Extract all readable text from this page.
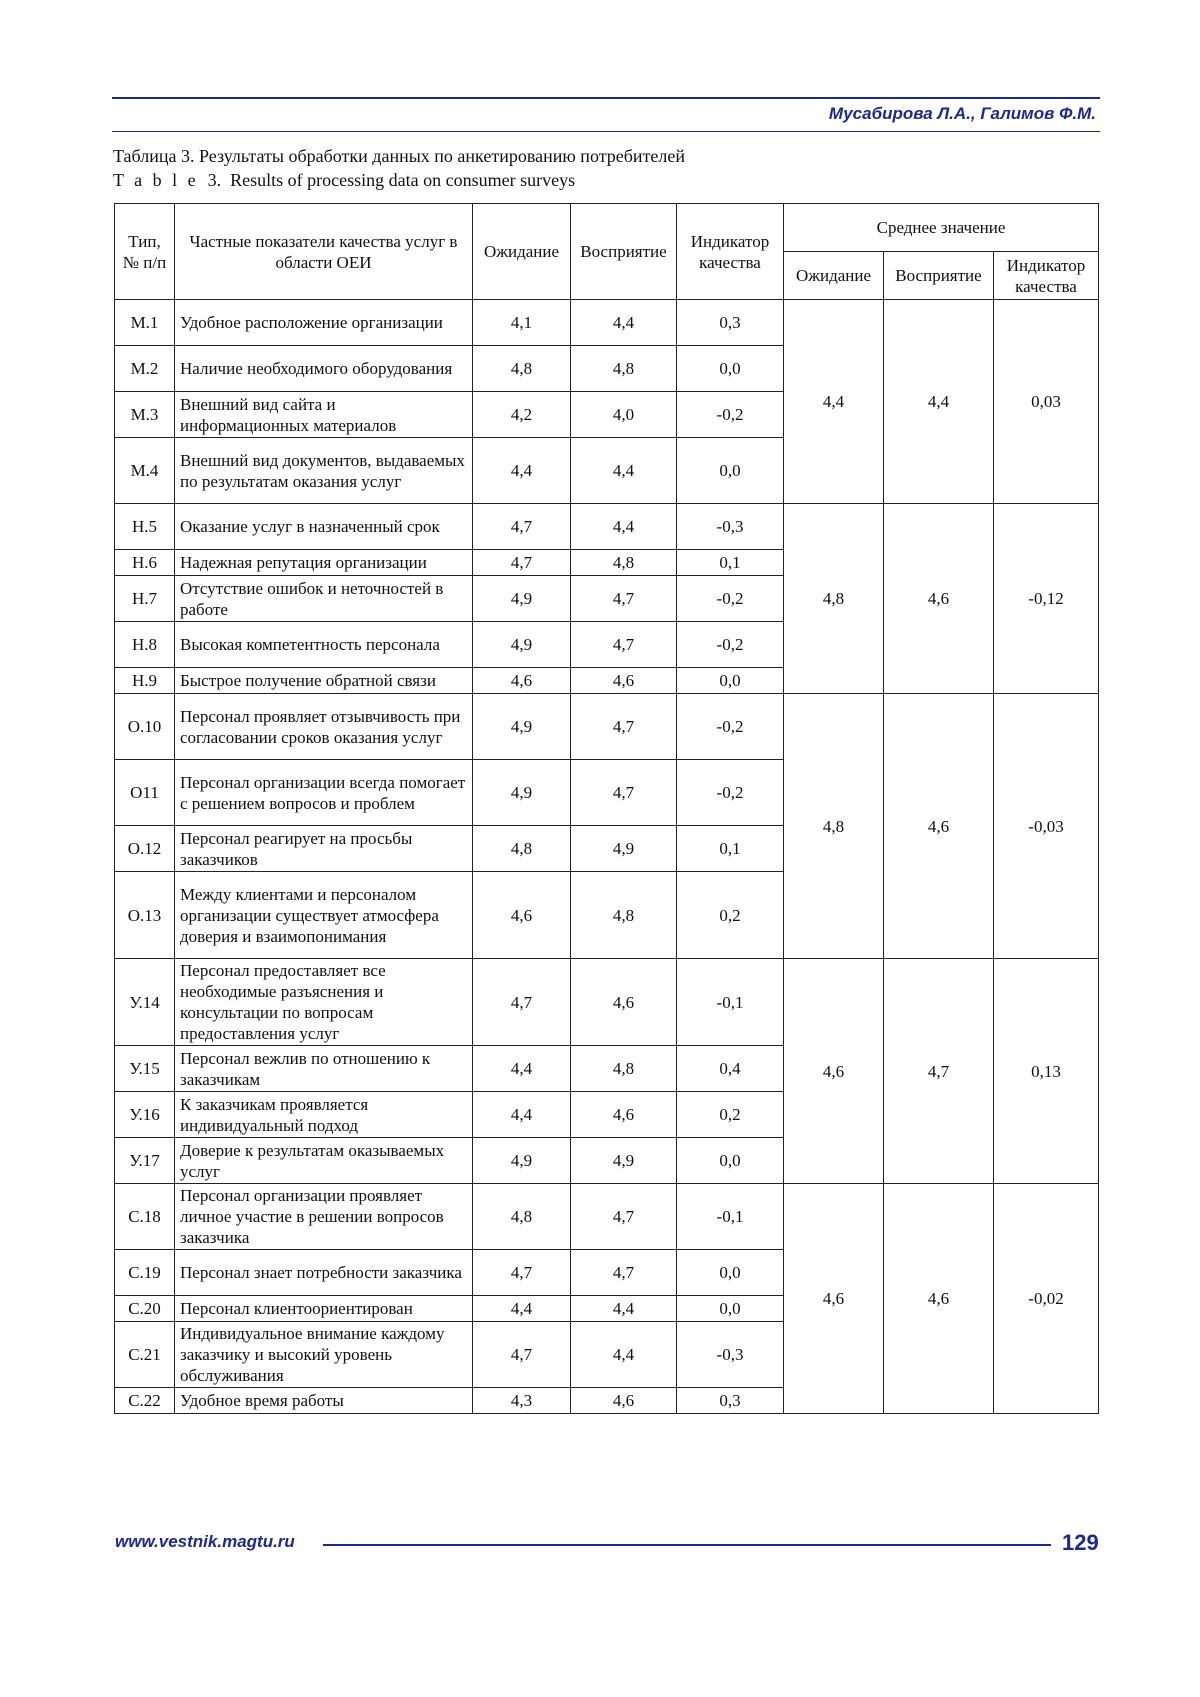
Мусабирова Л.А., Галимов Ф.М.
Таблица 3. Результаты обработки данных по анкетированию потребителей
T a b l e  3.  Results of processing data on consumer surveys
Тип, № п/п	Частные показатели качества услуг в области ОЕИ	Ожидание	Восприятие	Индикатор качества	Среднее значение
Ожидание	Восприятие	Индикатор качества
М.1	Удобное расположение организации	4,1	4,4	0,3	4,4	4,4	0,03
М.2	Наличие необходимого оборудования	4,8	4,8	0,0
М.3	Внешний вид сайта и информационных материалов	4,2	4,0	-0,2
М.4	Внешний вид документов, выдаваемых по результатам оказания услуг	4,4	4,4	0,0
Н.5	Оказание услуг в назначенный срок	4,7	4,4	-0,3	4,8	4,6	-0,12
Н.6	Надежная репутация организации	4,7	4,8	0,1
Н.7	Отсутствие ошибок и неточностей в работе	4,9	4,7	-0,2
Н.8	Высокая компетентность персонала	4,9	4,7	-0,2
Н.9	Быстрое получение обратной связи	4,6	4,6	0,0
О.10	Персонал проявляет отзывчивость при согласовании сроков оказания услуг	4,9	4,7	-0,2	4,8	4,6	-0,03
О11	Персонал организации всегда помогает с решением вопросов и проблем	4,9	4,7	-0,2
О.12	Персонал реагирует на просьбы заказчиков	4,8	4,9	0,1
О.13	Между клиентами и персоналом организации существует атмосфера доверия и взаимопонимания	4,6	4,8	0,2
У.14	Персонал предоставляет все необходимые разъяснения и консультации по вопросам предоставления услуг	4,7	4,6	-0,1	4,6	4,7	0,13
У.15	Персонал вежлив по отношению к заказчикам	4,4	4,8	0,4
У.16	К заказчикам проявляется индивидуальный подход	4,4	4,6	0,2
У.17	Доверие к результатам оказываемых услуг	4,9	4,9	0,0
С.18	Персонал организации проявляет личное участие в решении вопросов заказчика	4,8	4,7	-0,1	4,6	4,6	-0,02
С.19	Персонал знает потребности заказчика	4,7	4,7	0,0
С.20	Персонал клиентоориентирован	4,4	4,4	0,0
С.21	Индивидуальное внимание каждому заказчику и высокий уровень обслуживания	4,7	4,4	-0,3
С.22	Удобное время работы	4,3	4,6	0,3
www.vestnik.magtu.ru	129
